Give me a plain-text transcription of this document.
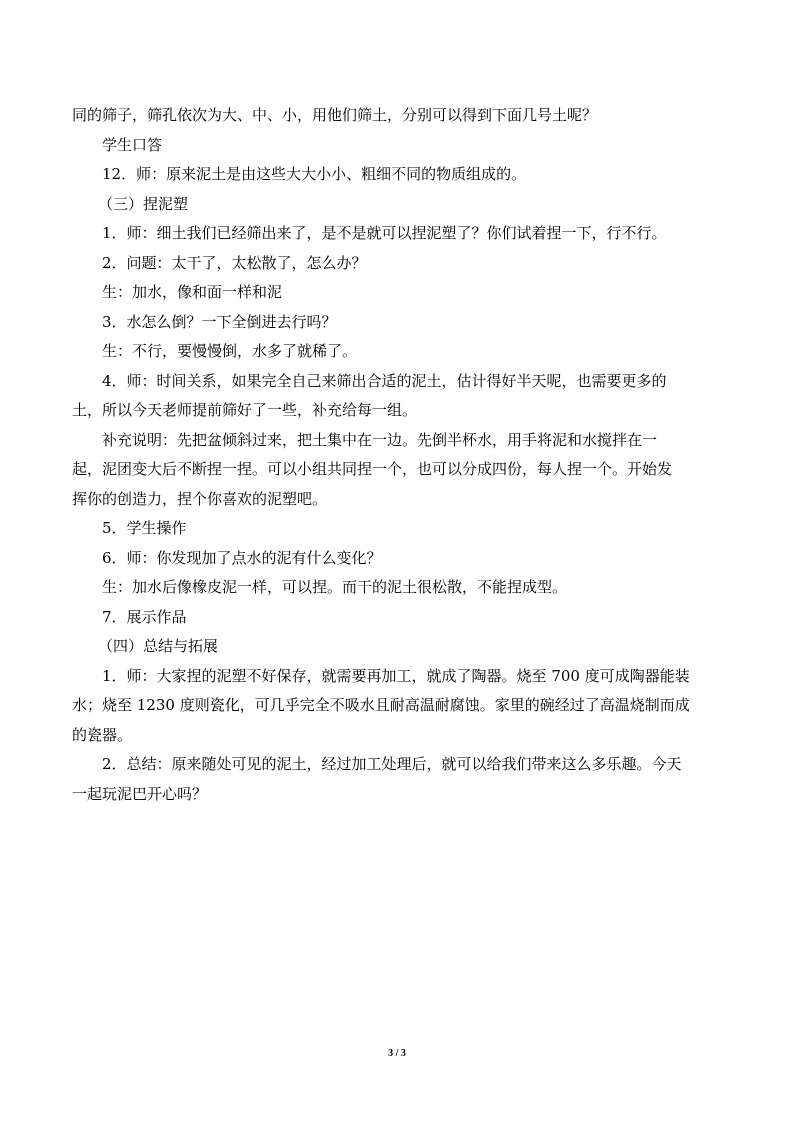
同的筛子，筛孔依次为大、中、小，用他们筛土，分别可以得到下面几号土呢？
学生口答
12．师：原来泥土是由这些大大小小、粗细不同的物质组成的。
（三）捏泥塑
1．师：细土我们已经筛出来了，是不是就可以捏泥塑了？你们试着捏一下，行不行。
2．问题：太干了，太松散了，怎么办？
生：加水，像和面一样和泥
3．水怎么倒？一下全倒进去行吗？
生：不行，要慢慢倒，水多了就稀了。
4．师：时间关系，如果完全自己来筛出合适的泥土，估计得好半天呢，也需要更多的
土，所以今天老师提前筛好了一些，补充给每一组。
补充说明：先把盆倾斜过来，把土集中在一边。先倒半杯水，用手将泥和水搅拌在一
起，泥团变大后不断捏一捏。可以小组共同捏一个，也可以分成四份，每人捏一个。开始发
挥你的创造力，捏个你喜欢的泥塑吧。
5．学生操作
6．师：你发现加了点水的泥有什么变化？
生：加水后像橡皮泥一样，可以捏。而干的泥土很松散，不能捏成型。
7．展示作品
（四）总结与拓展
1．师：大家捏的泥塑不好保存，就需要再加工，就成了陶器。烧至 700 度可成陶器能装
水；烧至 1230 度则瓷化，可几乎完全不吸水且耐高温耐腐蚀。家里的碗经过了高温烧制而成
的瓷器。
2．总结：原来随处可见的泥土，经过加工处理后，就可以给我们带来这么多乐趣。今天
一起玩泥巴开心吗？
3 / 3
